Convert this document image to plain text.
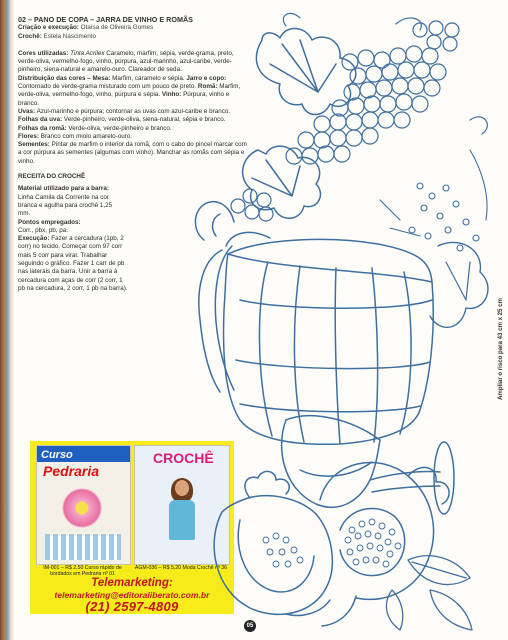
02 – PANO DE COPA – JARRA DE VINHO E ROMÃS

Criação e execução: Otaísa de Oliveira Gomes

Crochê: Estela Nascimento

Cores utilizadas: Tinta Acrilex Caramelo, marfim, sépia, verde-grama, preto, verde-oliva, vermelho-fogo, vinho, púrpura, azul-marinho, azul-caribe, verde-pinheiro, siena-natural e amarelo-ouro. Clareador de seda.

Distribuição das cores – Mesa: Marfim, caramelo e sépia. Jarro e copo: Contornado de verde-grama misturado com um pouco de preto. Romã: Marfim, verde-oliva, vermelho-fogo, vinho, púrpura e sépia. Vinho: Púrpura, vinho e branco.

Uvas: Azul-marinho e púrpura; contornar as uvas com azul-caribe e branco. Folhas da uva: Verde-pinheiro, verde-oliva, siena-natural, sépia e branco.

Folhas da romã: Verde-oliva, verde-pinheiro e branco.

Flores: Branco com miolo amarelo-ouro.

Sementes: Pintar de marfim o interior da romã, com o cabo do pincel marcar com a cor púrpura as sementes (algumas com vinho). Manchar as romãs com sépia e vinho.

RECEITA DO CROCHÊ

Material utilizado para a barra:

Linha Camila da Corrente na cor branca e agulha para crochê 1,25 mm.

Pontos empregados:

Corr., pbx, pb, pa.

Execução: Fazer a cercadura (1pb, 2 corr) no tecido. Começar com 97 corr mais 5 corr para virar. Trabalhar seguindo o gráfico. Fazer 1 carr de pb nas laterais da barra. Unir a barra à cercadura com aças de corr (2 corr, 1 pb na cercadura, 2 corr, 1 pb na barra).

Curso
Pedraria
CROCHÊ
IM-001 – R$ 2,50 Curso rápido de bordados em Pedraria nº 01
AGM-036 – R$ 5,20 Moda Crochê nº 36
Telemarketing:
telemarketing@editoraliberato.com.br
(21) 2597-4809
Ampliar o risco para 43 cm x 25 cm
05
